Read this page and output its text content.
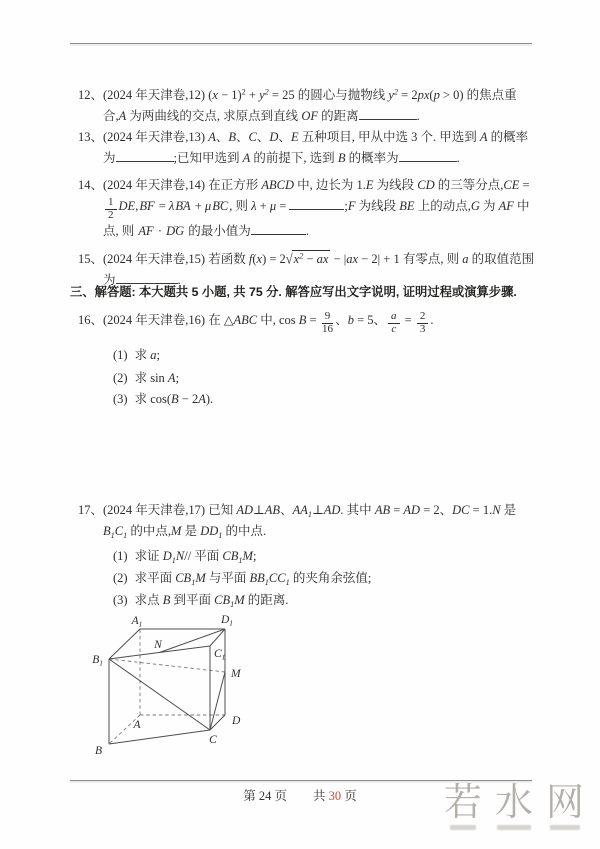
12、 (2024 年天津卷,12) $(x - 1)^2 + y^2 = 25$ 的圆心与抛物线 $y^2 = 2px(p > 0)$ 的焦点重合,A 为两曲线的交点, 求原点到直线 OF 的距离	.
13、 (2024 年天津卷,13) A、B、C、D、E 五种项目, 甲从中选 3 个. 甲选到 A 的概率为	;已知甲选到 A 的前提下, 选到 B 的概率为	.
14、 (2024 年天津卷,14) 在正方形 ABCD 中, 边长为 1.E 为线段 CD 的三等分点,CE =
$\frac{1}{2} DE,BF$ → = λBA → + μBC →, 则 λ + μ =	;F 为线段 BE 上的动点,G 为 AF 中点, 则 AF → · DG → 的最小值为	.
15、 (2024 年天津卷,15) 若函数 $f(x) = 2√x^2$ − ax − |ax − 2| + 1 有零点, 则 a 的取值范围为	.
三、解答题: 本大题共 5 小题, 共 75 分. 解答应写出文字说明, 证明过程或演算步骤.
16、 (2024 年天津卷,16) 在 △ABC 中, $\cos B = \frac{9}{16}$ 、b = 5、 $\frac{a}{c} = \frac{2}{3}$ .
(1) 求 a;
(2) 求 sin A;
(3) 求 cos(B − 2A).
17、 (2024 年天津卷,17) 已知 AD⊥AB、$AA_1\perp AD$. 其中 AB = AD = 2、DC = 1.N 是 $B_1C_1$ 的中点,M 是 $DD_1$ 的中点.
(1) 求证 $D_1N//$ 平面 $CB_1M$;
(2) 求平面 $CB_1M$ 与平面 $BB_1CC_1$ 的夹角余弦值;
(3) 求点 B 到平面 $CB_1M$ 的距离.
$A_1$	$D_1$
N
$B_1$
$C_1$
M
A	D
B
C
第 24 页 共 30 页	若 水 网
